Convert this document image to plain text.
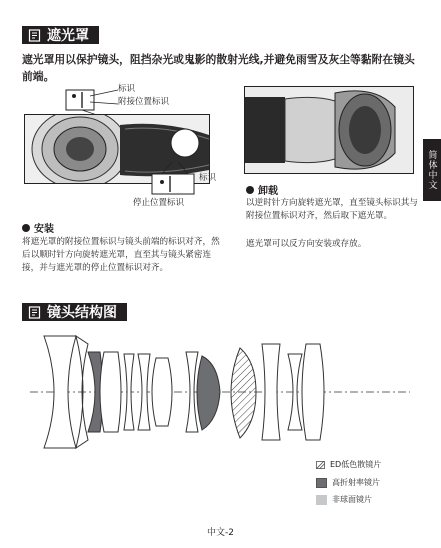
遮光罩
遮光罩用以保护镜头，阻挡杂光或鬼影的散射光线,并避免雨雪及灰尘等黏附在镜头前端。
标识
附接位置标识
标识
停止位置标识
安装
将遮光罩的附接位置标识与镜头前端的标识对齐，然后以顺时针方向旋转遮光罩，直至其与镜头紧密连接，并与遮光罩的停止位置标识对齐。
卸载
以逆时针方向旋转遮光罩，直至镜头标识其与附接位置标识对齐，然后取下遮光罩。
遮光罩可以反方向安装或存放。
简体中文
镜头结构图
ED低色散镜片
高折射率镜片
非球面镜片
中文-2
